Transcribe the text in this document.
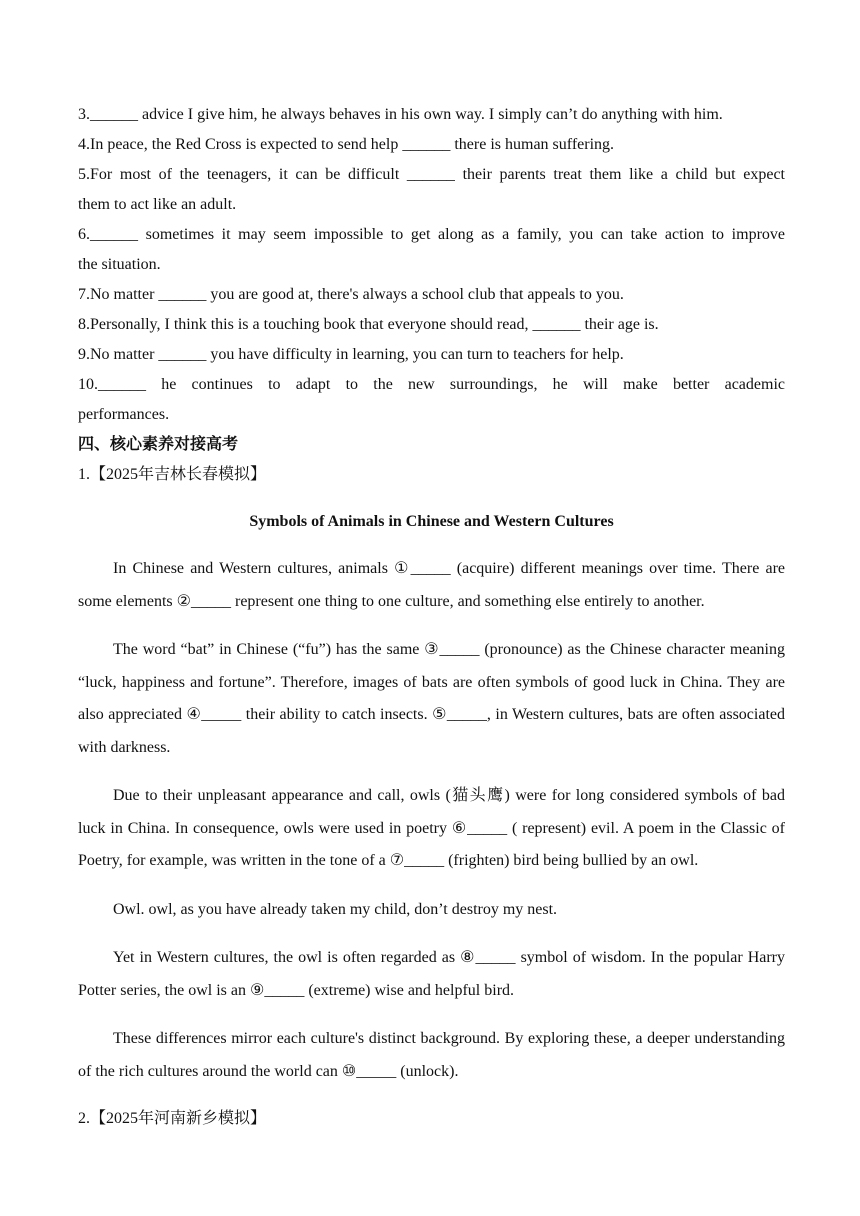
3.______ advice I give him, he always behaves in his own way. I simply can’t do anything with him.

4.In peace, the Red Cross is expected to send help ______ there is human suffering.

5.For most of the teenagers, it can be difficult ______ their parents treat them like a child but expect

them to act like an adult.

6.______ sometimes it may seem impossible to get along as a family, you can take action to improve

the situation.

7.No matter ______ you are good at, there's always a school club that appeals to you.

8.Personally, I think this is a touching book that everyone should read, ______ their age is.

9.No matter ______ you have difficulty in learning, you can turn to teachers for help.

10.______ he continues to adapt to the new surroundings, he will make better academic

performances.

四、核心素养对接高考

1.【2025年吉林长春模拟】

Symbols of Animals in Chinese and Western Cultures

In Chinese and Western cultures, animals ①_____ (acquire) different meanings over time. There are some elements ②_____ represent one thing to one culture, and something else entirely to another.

The word “bat” in Chinese (“fu”) has the same ③_____ (pronounce) as the Chinese character meaning “luck, happiness and fortune”. Therefore, images of bats are often symbols of good luck in China. They are also appreciated ④_____ their ability to catch insects. ⑤_____, in Western cultures, bats are often associated with darkness.

Due to their unpleasant appearance and call, owls (猫头鹰) were for long considered symbols of bad luck in China. In consequence, owls were used in poetry ⑥_____ ( represent) evil. A poem in the Classic of Poetry, for example, was written in the tone of a ⑦_____ (frighten) bird being bullied by an owl.

Owl. owl, as you have already taken my child, don’t destroy my nest.

Yet in Western cultures, the owl is often regarded as ⑧_____ symbol of wisdom. In the popular Harry Potter series, the owl is an ⑨_____ (extreme) wise and helpful bird.

These differences mirror each culture's distinct background. By exploring these, a deeper understanding of the rich cultures around the world can ⑩_____ (unlock).

2.【2025年河南新乡模拟】
